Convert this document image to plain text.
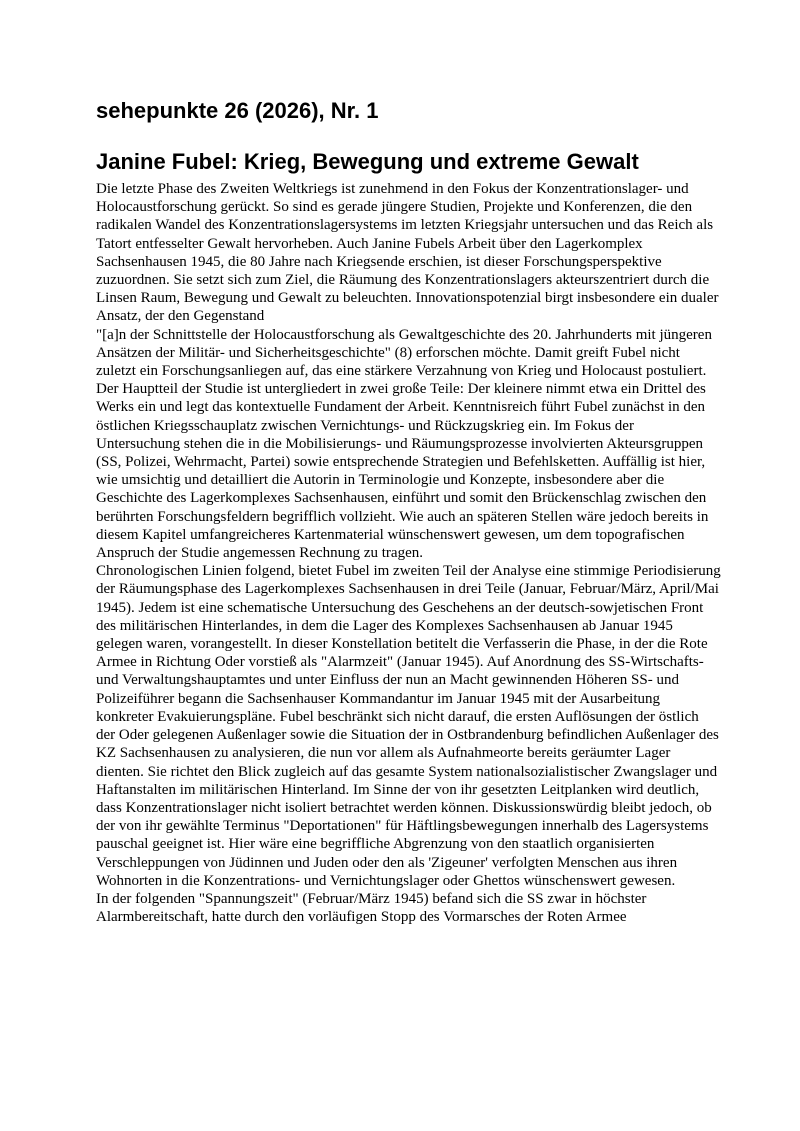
sehepunkte 26 (2026), Nr. 1
Janine Fubel: Krieg, Bewegung und extreme Gewalt

Die letzte Phase des Zweiten Weltkriegs ist zunehmend in den Fokus der Konzentrationslager- und Holocaustforschung gerückt. So sind es gerade jüngere Studien, Projekte und Konferenzen, die den radikalen Wandel des Konzentrationslagersystems im letzten Kriegsjahr untersuchen und das Reich als Tatort entfesselter Gewalt hervorheben. Auch Janine Fubels Arbeit über den Lagerkomplex Sachsenhausen 1945, die 80 Jahre nach Kriegsende erschien, ist dieser Forschungsperspektive zuzuordnen. Sie setzt sich zum Ziel, die Räumung des Konzentrationslagers akteurszentriert durch die Linsen Raum, Bewegung und Gewalt zu beleuchten. Innovationspotenzial birgt insbesondere ein dualer Ansatz, der den Gegenstand

"[a]n der Schnittstelle der Holocaustforschung als Gewaltgeschichte des 20. Jahrhunderts mit jüngeren Ansätzen der Militär- und Sicherheitsgeschichte" (8) erforschen möchte. Damit greift Fubel nicht zuletzt ein Forschungsanliegen auf, das eine stärkere Verzahnung von Krieg und Holocaust postuliert.

Der Hauptteil der Studie ist untergliedert in zwei große Teile: Der kleinere nimmt etwa ein Drittel des Werks ein und legt das kontextuelle Fundament der Arbeit. Kenntnisreich führt Fubel zunächst in den östlichen Kriegsschauplatz zwischen Vernichtungs- und Rückzugskrieg ein. Im Fokus der Untersuchung stehen die in die Mobilisierungs- und Räumungsprozesse involvierten Akteursgruppen (SS, Polizei, Wehrmacht, Partei) sowie entsprechende Strategien und Befehlsketten. Auffällig ist hier, wie umsichtig und detailliert die Autorin in Terminologie und Konzepte, insbesondere aber die Geschichte des Lagerkomplexes Sachsenhausen, einführt und somit den Brückenschlag zwischen den berührten Forschungsfeldern begrifflich vollzieht. Wie auch an späteren Stellen wäre jedoch bereits in diesem Kapitel umfangreicheres Kartenmaterial wünschenswert gewesen, um dem topografischen Anspruch der Studie angemessen Rechnung zu tragen.

Chronologischen Linien folgend, bietet Fubel im zweiten Teil der Analyse eine stimmige Periodisierung der Räumungsphase des Lagerkomplexes Sachsenhausen in drei Teile (Januar, Februar/März, April/Mai 1945). Jedem ist eine schematische Untersuchung des Geschehens an der deutsch-sowjetischen Front des militärischen Hinterlandes, in dem die Lager des Komplexes Sachsenhausen ab Januar 1945 gelegen waren, vorangestellt. In dieser Konstellation betitelt die Verfasserin die Phase, in der die Rote Armee in Richtung Oder vorstieß als "Alarmzeit" (Januar 1945). Auf Anordnung des SS-Wirtschafts- und Verwaltungshauptamtes und unter Einfluss der nun an Macht gewinnenden Höheren SS- und Polizeiführer begann die Sachsenhauser Kommandantur im Januar 1945 mit der Ausarbeitung konkreter Evakuierungspläne. Fubel beschränkt sich nicht darauf, die ersten Auflösungen der östlich der Oder gelegenen Außenlager sowie die Situation der in Ostbrandenburg befindlichen Außenlager des KZ Sachsenhausen zu analysieren, die nun vor allem als Aufnahmeorte bereits geräumter Lager dienten. Sie richtet den Blick zugleich auf das gesamte System nationalsozialistischer Zwangslager und Haftanstalten im militärischen Hinterland. Im Sinne der von ihr gesetzten Leitplanken wird deutlich, dass Konzentrationslager nicht isoliert betrachtet werden können. Diskussionswürdig bleibt jedoch, ob der von ihr gewählte Terminus "Deportationen" für Häftlingsbewegungen innerhalb des Lagersystems pauschal geeignet ist. Hier wäre eine begriffliche Abgrenzung von den staatlich organisierten Verschleppungen von Jüdinnen und Juden oder den als 'Zigeuner' verfolgten Menschen aus ihren Wohnorten in die Konzentrations- und Vernichtungslager oder Ghettos wünschenswert gewesen.

In der folgenden "Spannungszeit" (Februar/März 1945) befand sich die SS zwar in höchster Alarmbereitschaft, hatte durch den vorläufigen Stopp des Vormarsches der Roten Armee
